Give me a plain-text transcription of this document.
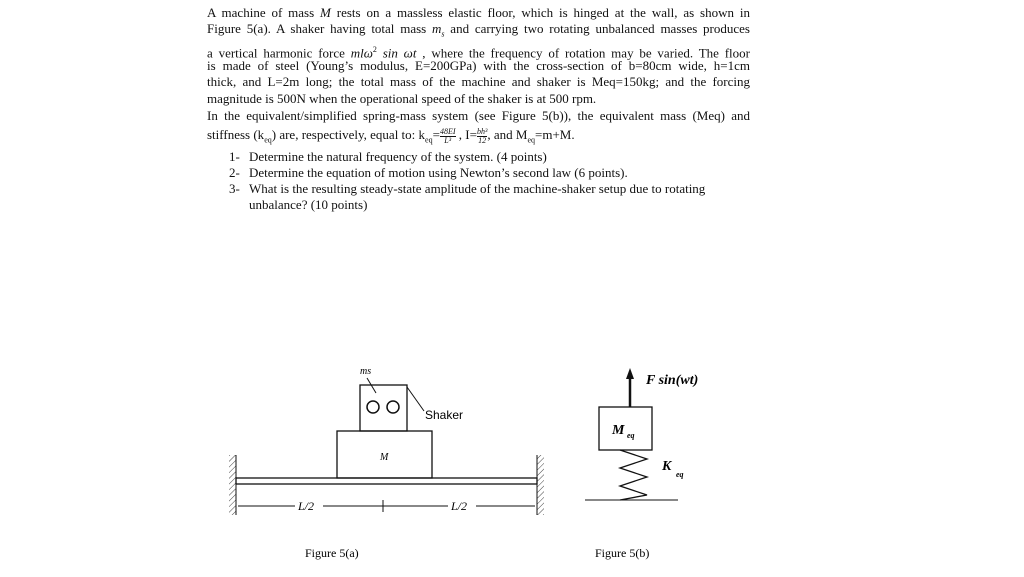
A machine of mass M rests on a massless elastic floor, which is hinged at the wall, as shown in
Figure 5(a). A shaker having total mass $m_s$ and carrying two rotating unbalanced masses produces
a vertical harmonic force mlω$^2$ sin ωt , where the frequency of rotation may be varied. The floor
is made of steel (Young’s modulus, E=200GPa) with the cross-section of b=80cm wide, h=1cm
thick, and L=2m long; the total mass of the machine and shaker is Meq=150kg; and the forcing
magnitude is 500N when the operational speed of the shaker is at 500 rpm.
In the equivalent/simplified spring-mass system (see Figure 5(b)), the equivalent mass (Meq) and
stiffness $(k_{eq})$ are, respectively, equal to: $k_{eq}= \frac{48EI}{\text{L³}}$ , $I= \frac{\text{bh³}}{12}$ , and $M_{eq}=m+M$.
1- Determine the natural frequency of the system. (4 points)
2- Determine the equation of motion using Newton’s second law (6 points).
3- What is the resulting steady-state amplitude of the machine-shaker setup due to rotating
unbalance? (10 points)
ms
Shaker
M
L/2	L/2
Figure 5(a)
F sin(wt)
M eq
K
eq
Figure 5(b)
